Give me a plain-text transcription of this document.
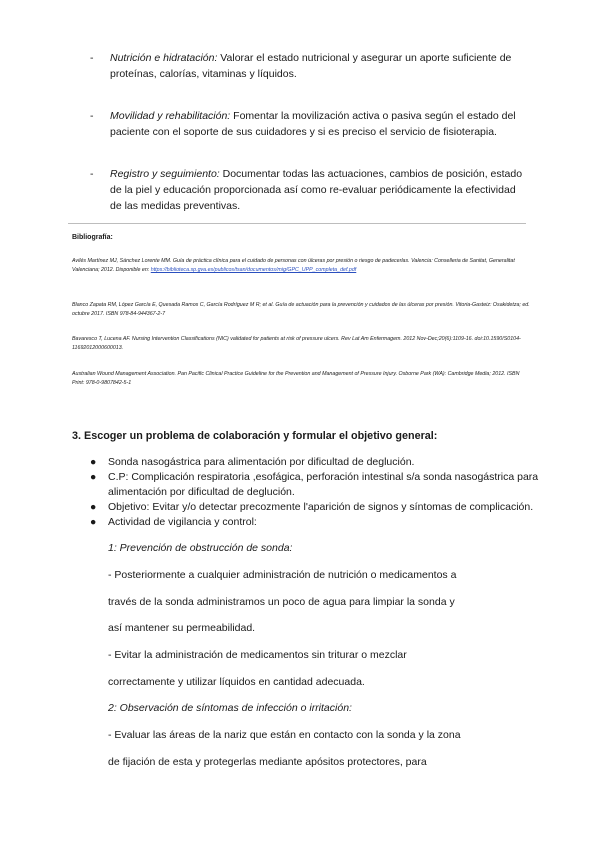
- Nutrición e hidratación: Valorar el estado nutricional y asegurar un aporte suficiente de proteínas, calorías, vitaminas y líquidos.
- Movilidad y rehabilitación: Fomentar la movilización activa o pasiva según el estado del paciente con el soporte de sus cuidadores y si es preciso el servicio de fisioterapia.
- Registro y seguimiento: Documentar todas las actuaciones, cambios de posición, estado de la piel y educación proporcionada así como re-evaluar periódicamente la efectividad de las medidas preventivas.
Bibliografía:
Avilés Martínez MJ, Sánchez Lorente MM. Guía de práctica clínica para el cuidado de personas con úlceras por presión o riesgo de padecerlas. Valencia: Conselleria de Sanitat, Generalitat Valenciana; 2012. Disponible en: https://biblioteca.sp.gva.es/publicos/tsan/documentos/mig/GPC_UPP_completa_def.pdf
Blanco Zapata RM, López García E, Quesada Ramos C, García Rodríguez M R; et al. Guía de actuación para la prevención y cuidados de las úlceras por presión. Vitoria-Gasteiz: Osakidetza; ed. octubre 2017. ISBN 978-84-944367-2-7
Bavaresco T, Lucena AF. Nursing Intervention Classifications (NIC) validated for patients at risk of pressure ulcers. Rev Lat Am Enfermagem. 2012 Nov-Dec;20(6):1109-16. doi:10.1590/S0104-11692012000600013.
Australian Wound Management Association. Pan Pacific Clinical Practice Guideline for the Prevention and Management of Pressure Injury. Osborne Park (WA): Cambridge Media; 2012. ISBN Print: 978-0-9807842-5-1
3. Escoger un problema de colaboración y formular el objetivo general:
● Sonda nasogástrica para alimentación por dificultad de deglución.
● C.P: Complicación respiratoria ,esofágica, perforación intestinal s/a sonda nasogástrica para alimentación por dificultad de deglución.
● Objetivo: Evitar y/o detectar precozmente l'aparición de signos y síntomas de complicación.
● Actividad de vigilancia y control:
1: Prevención de obstrucción de sonda:
- Posteriormente a cualquier administración de nutrición o medicamentos a
través de la sonda administramos un poco de agua para limpiar la sonda y
así mantener su permeabilidad.
- Evitar la administración de medicamentos sin triturar o mezclar
correctamente y utilizar líquidos en cantidad adecuada.
2: Observación de síntomas de infección o irritación:
- Evaluar las áreas de la nariz que están en contacto con la sonda y la zona
de fijación de esta y protegerlas mediante apósitos protectores, para
